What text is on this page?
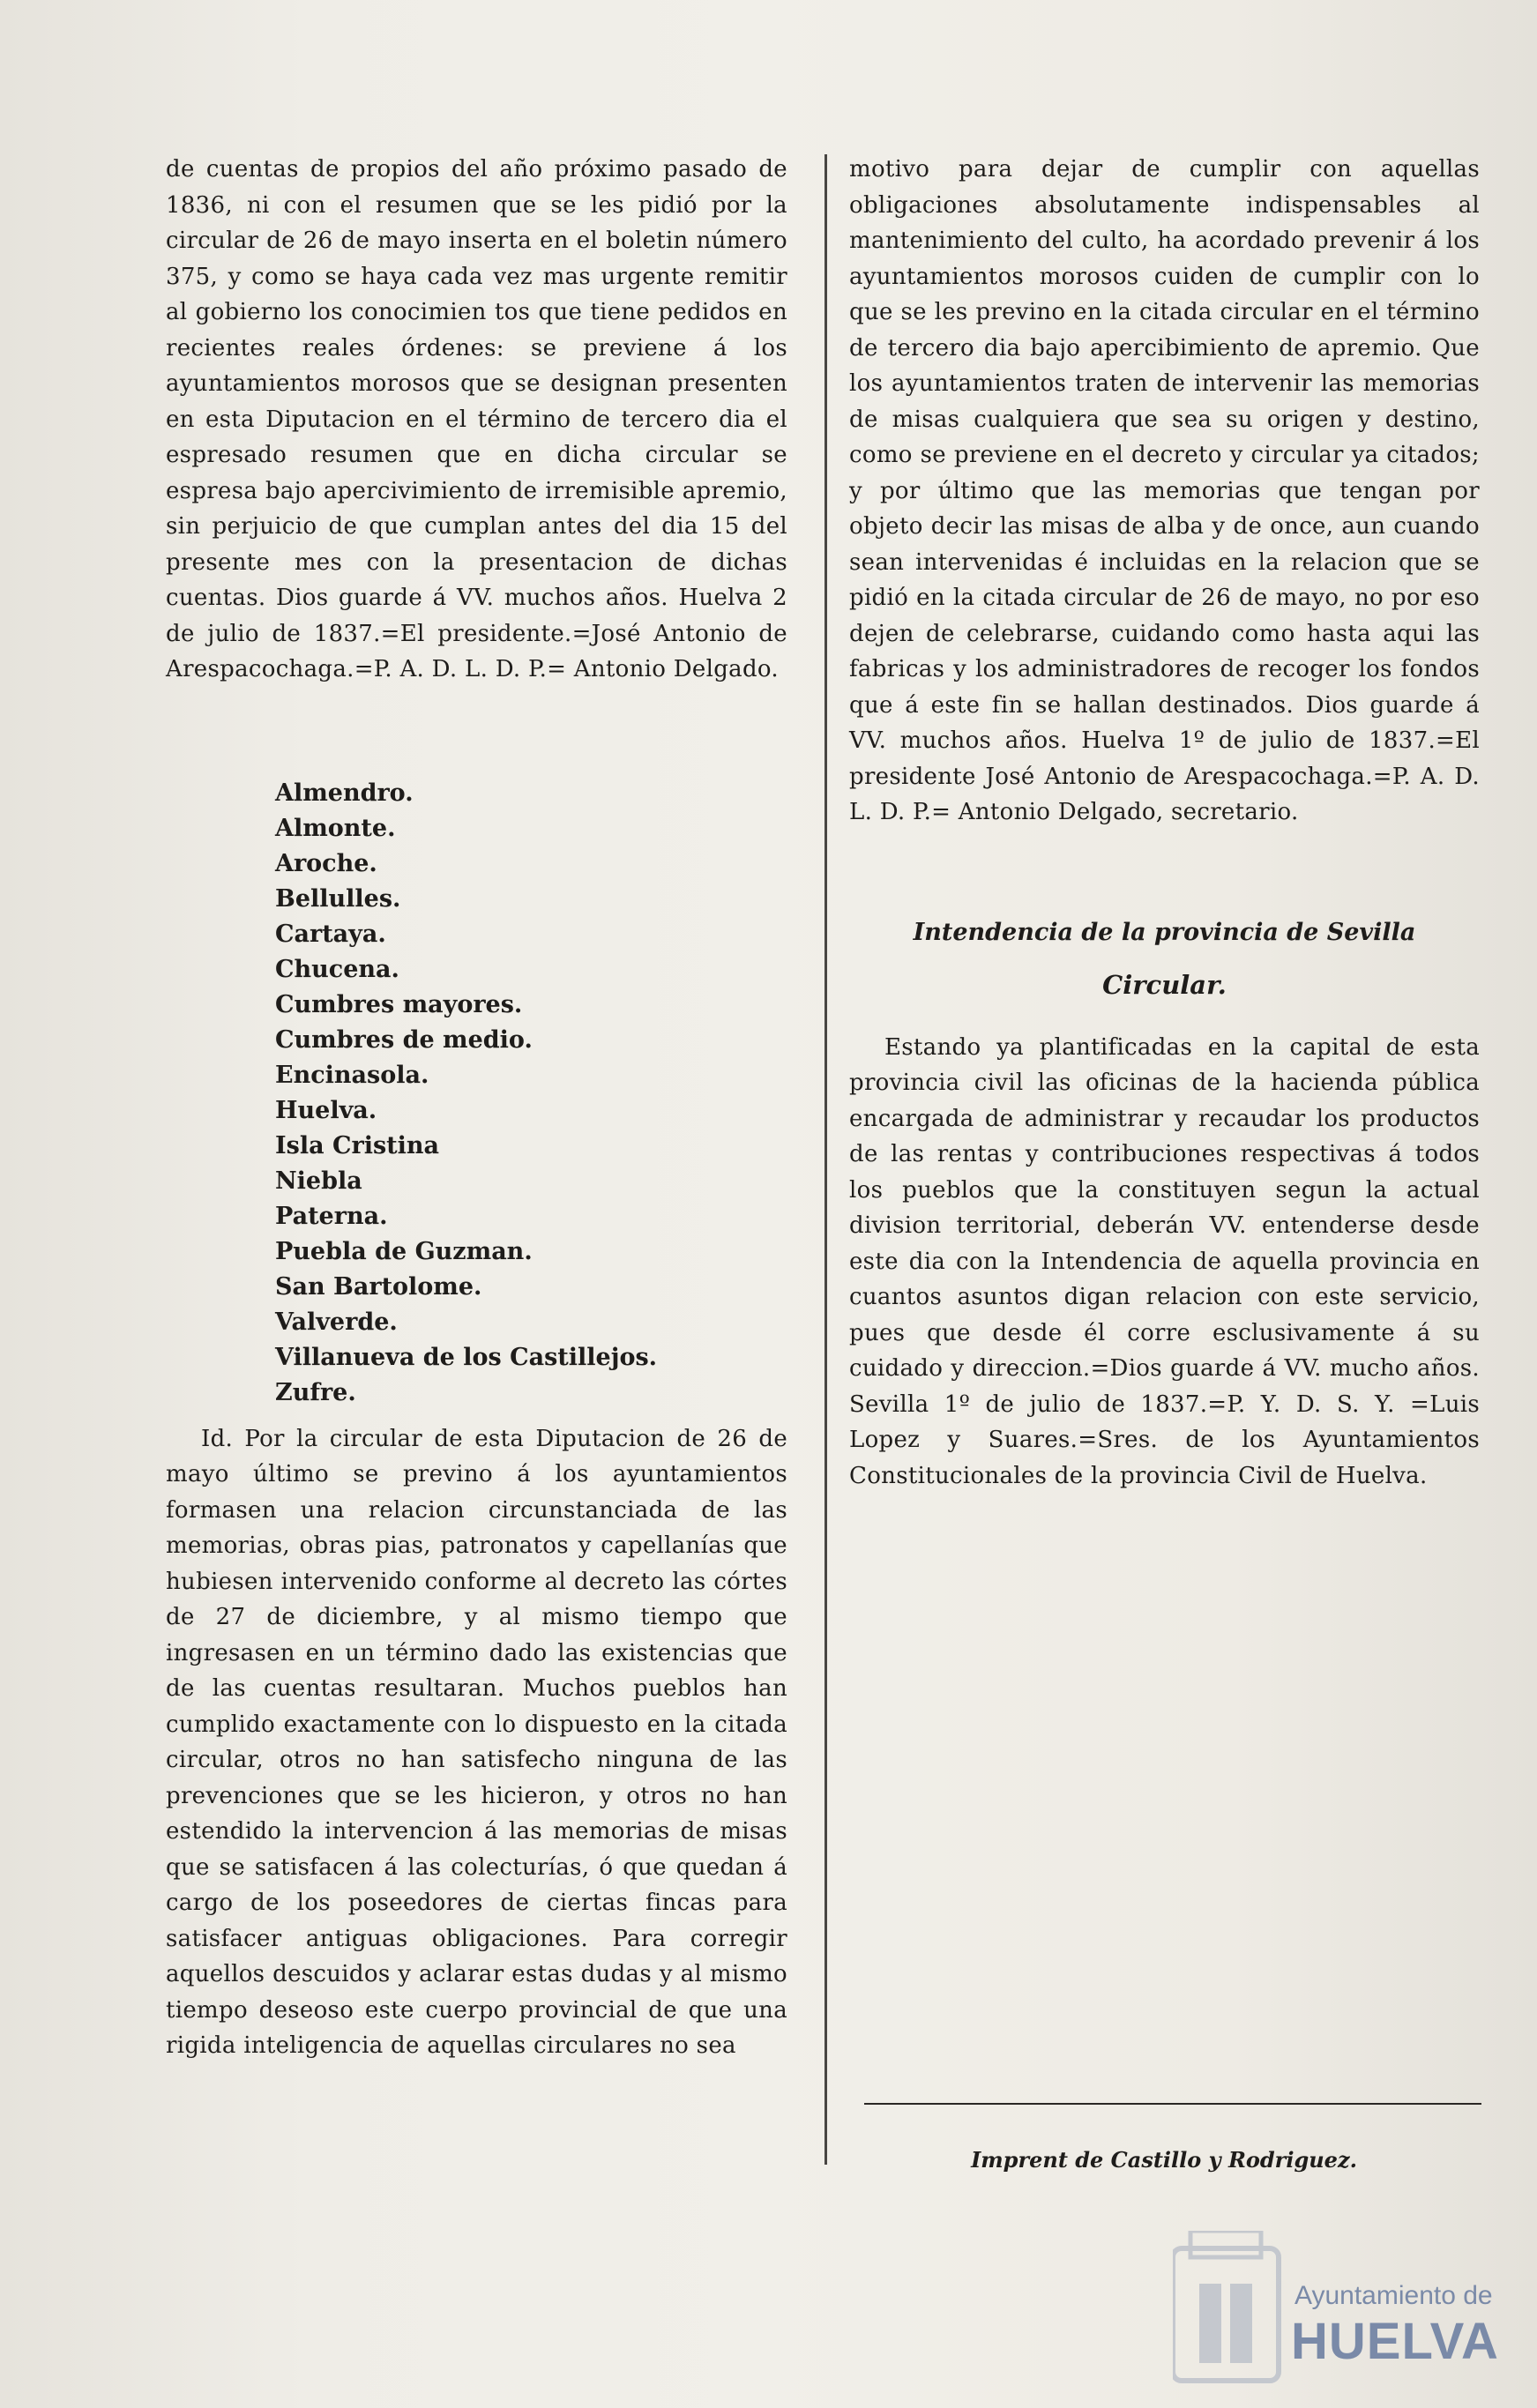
de cuentas de propios del año próximo pasado de 1836, ni con el resumen que se les pidió por la circular de 26 de mayo inserta en el boletin número 375, y como se haya cada vez mas urgente remitir al gobierno los conocimien tos que tiene pedidos en recientes reales órdenes: se previene á los ayuntamientos morosos que se designan presenten en esta Diputacion en el término de tercero dia el espresado resumen que en dicha circular se espresa bajo apercivimiento de irremisible apremio, sin perjuicio de que cumplan antes del dia 15 del presente mes con la presentacion de dichas cuentas. Dios guarde á VV. muchos años. Huelva 2 de julio de 1837.=El presidente.=José Antonio de Arespacochaga.=P. A. D. L. D. P.= Antonio Delgado.

Almendro.
Almonte.
Aroche.
Bellulles.
Cartaya.
Chucena.
Cumbres mayores.
Cumbres de medio.
Encinasola.
Huelva.
Isla Cristina
Niebla
Paterna.
Puebla de Guzman.
San Bartolome.
Valverde.
Villanueva de los Castillejos.
Zufre.

Id. Por la circular de esta Diputacion de 26 de mayo último se previno á los ayuntamientos formasen una relacion circunstanciada de las memorias, obras pias, patronatos y capellanías que hubiesen intervenido conforme al decreto las córtes de 27 de diciembre, y al mismo tiempo que ingresasen en un término dado las existencias que de las cuentas resultaran. Muchos pueblos han cumplido exactamente con lo dispuesto en la citada circular, otros no han satisfecho ninguna de las prevenciones que se les hicieron, y otros no han estendido la intervencion á las memorias de misas que se satisfacen á las colecturías, ó que quedan á cargo de los poseedores de ciertas fincas para satisfacer antiguas obligaciones. Para corregir aquellos descuidos y aclarar estas dudas y al mismo tiempo deseoso este cuerpo provincial de que una rigida inteligencia de aquellas circulares no sea

motivo para dejar de cumplir con aquellas obligaciones absolutamente indispensables al mantenimiento del culto, ha acordado prevenir á los ayuntamientos morosos cuiden de cumplir con lo que se les previno en la citada circular en el término de tercero dia bajo apercibimiento de apremio. Que los ayuntamientos traten de intervenir las memorias de misas cualquiera que sea su origen y destino, como se previene en el decreto y circular ya citados; y por último que las memorias que tengan por objeto decir las misas de alba y de once, aun cuando sean intervenidas é incluidas en la relacion que se pidió en la citada circular de 26 de mayo, no por eso dejen de celebrarse, cuidando como hasta aqui las fabricas y los administradores de recoger los fondos que á este fin se hallan destinados. Dios guarde á VV. muchos años. Huelva 1º de julio de 1837.=El presidente José Antonio de Arespacochaga.=P. A. D. L. D. P.= Antonio Delgado, secretario.

Intendencia de la provincia de Sevilla

Circular.

Estando ya plantificadas en la capital de esta provincia civil las oficinas de la hacienda pública encargada de administrar y recaudar los productos de las rentas y contribuciones respectivas á todos los pueblos que la constituyen segun la actual division territorial, deberán VV. entenderse desde este dia con la Intendencia de aquella provincia en cuantos asuntos digan relacion con este servicio, pues que desde él corre esclusivamente á su cuidado y direccion.=Dios guarde á VV. mucho años. Sevilla 1º de julio de 1837.=P. Y. D. S. Y. =Luis Lopez y Suares.=Sres. de los Ayuntamientos Constitucionales de la provincia Civil de Huelva.

Imprent de Castillo y Rodriguez.
Ayuntamiento de
HUELVA
